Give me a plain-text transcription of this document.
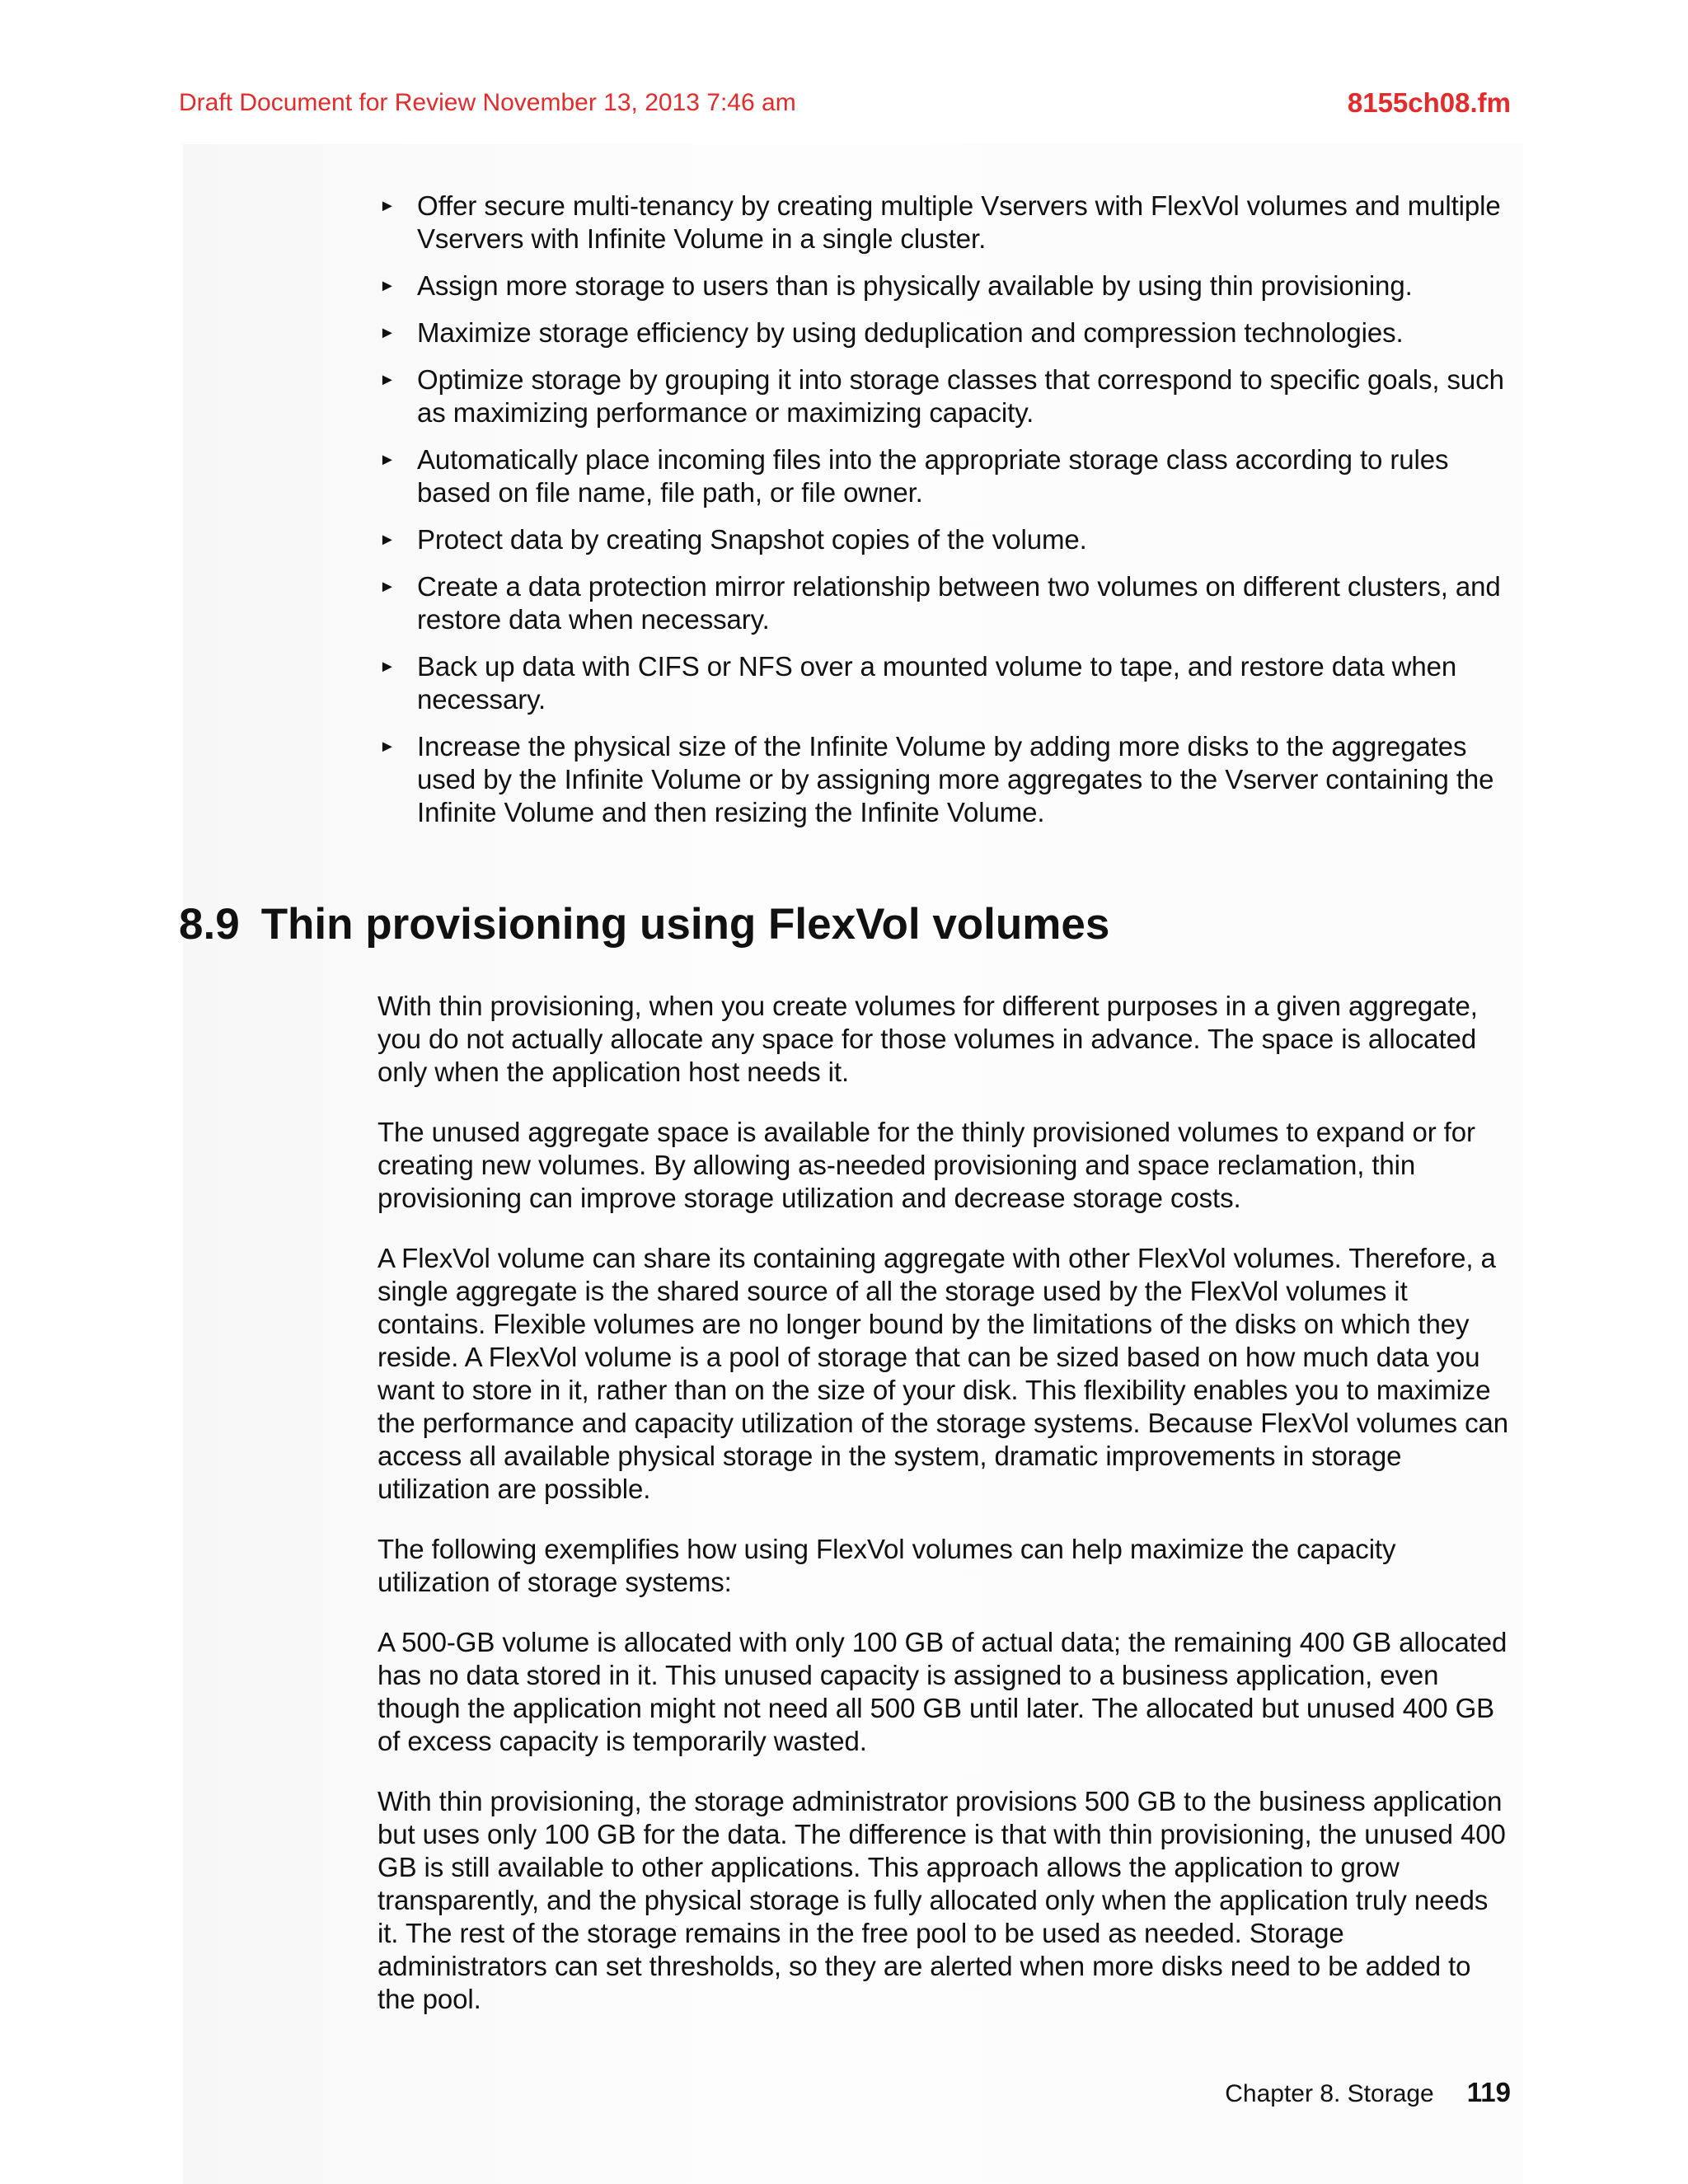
Draft Document for Review November 13, 2013 7:46 am	8155ch08.fm
► Offer secure multi-tenancy by creating multiple Vservers with FlexVol volumes and multiple Vservers with Infinite Volume in a single cluster.
► Assign more storage to users than is physically available by using thin provisioning.
► Maximize storage efficiency by using deduplication and compression technologies.
► Optimize storage by grouping it into storage classes that correspond to specific goals, such as maximizing performance or maximizing capacity.
► Automatically place incoming files into the appropriate storage class according to rules based on file name, file path, or file owner.
► Protect data by creating Snapshot copies of the volume.
► Create a data protection mirror relationship between two volumes on different clusters, and restore data when necessary.
► Back up data with CIFS or NFS over a mounted volume to tape, and restore data when necessary.
► Increase the physical size of the Infinite Volume by adding more disks to the aggregates used by the Infinite Volume or by assigning more aggregates to the Vserver containing the Infinite Volume and then resizing the Infinite Volume.
8.9 Thin provisioning using FlexVol volumes

With thin provisioning, when you create volumes for different purposes in a given aggregate, you do not actually allocate any space for those volumes in advance. The space is allocated only when the application host needs it.

The unused aggregate space is available for the thinly provisioned volumes to expand or for creating new volumes. By allowing as-needed provisioning and space reclamation, thin provisioning can improve storage utilization and decrease storage costs.

A FlexVol volume can share its containing aggregate with other FlexVol volumes. Therefore, a single aggregate is the shared source of all the storage used by the FlexVol volumes it contains. Flexible volumes are no longer bound by the limitations of the disks on which they reside. A FlexVol volume is a pool of storage that can be sized based on how much data you want to store in it, rather than on the size of your disk. This flexibility enables you to maximize the performance and capacity utilization of the storage systems. Because FlexVol volumes can access all available physical storage in the system, dramatic improvements in storage utilization are possible.

The following exemplifies how using FlexVol volumes can help maximize the capacity utilization of storage systems:

A 500-GB volume is allocated with only 100 GB of actual data; the remaining 400 GB allocated has no data stored in it. This unused capacity is assigned to a business application, even though the application might not need all 500 GB until later. The allocated but unused 400 GB of excess capacity is temporarily wasted.

With thin provisioning, the storage administrator provisions 500 GB to the business application but uses only 100 GB for the data. The difference is that with thin provisioning, the unused 400 GB is still available to other applications. This approach allows the application to grow transparently, and the physical storage is fully allocated only when the application truly needs it. The rest of the storage remains in the free pool to be used as needed. Storage administrators can set thresholds, so they are alerted when more disks need to be added to the pool.

Chapter 8. Storage 119
